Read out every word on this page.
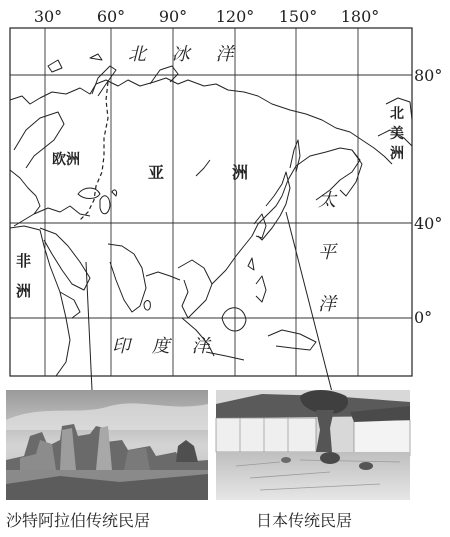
30° 60° 90° 120° 150° 180°
80°
40°
0°
北 冰 洋
欧洲
亚	洲
非
洲
北
美
洲
太
平
洋
印 度 洋
沙特阿拉伯传统民居	日本传统民居
